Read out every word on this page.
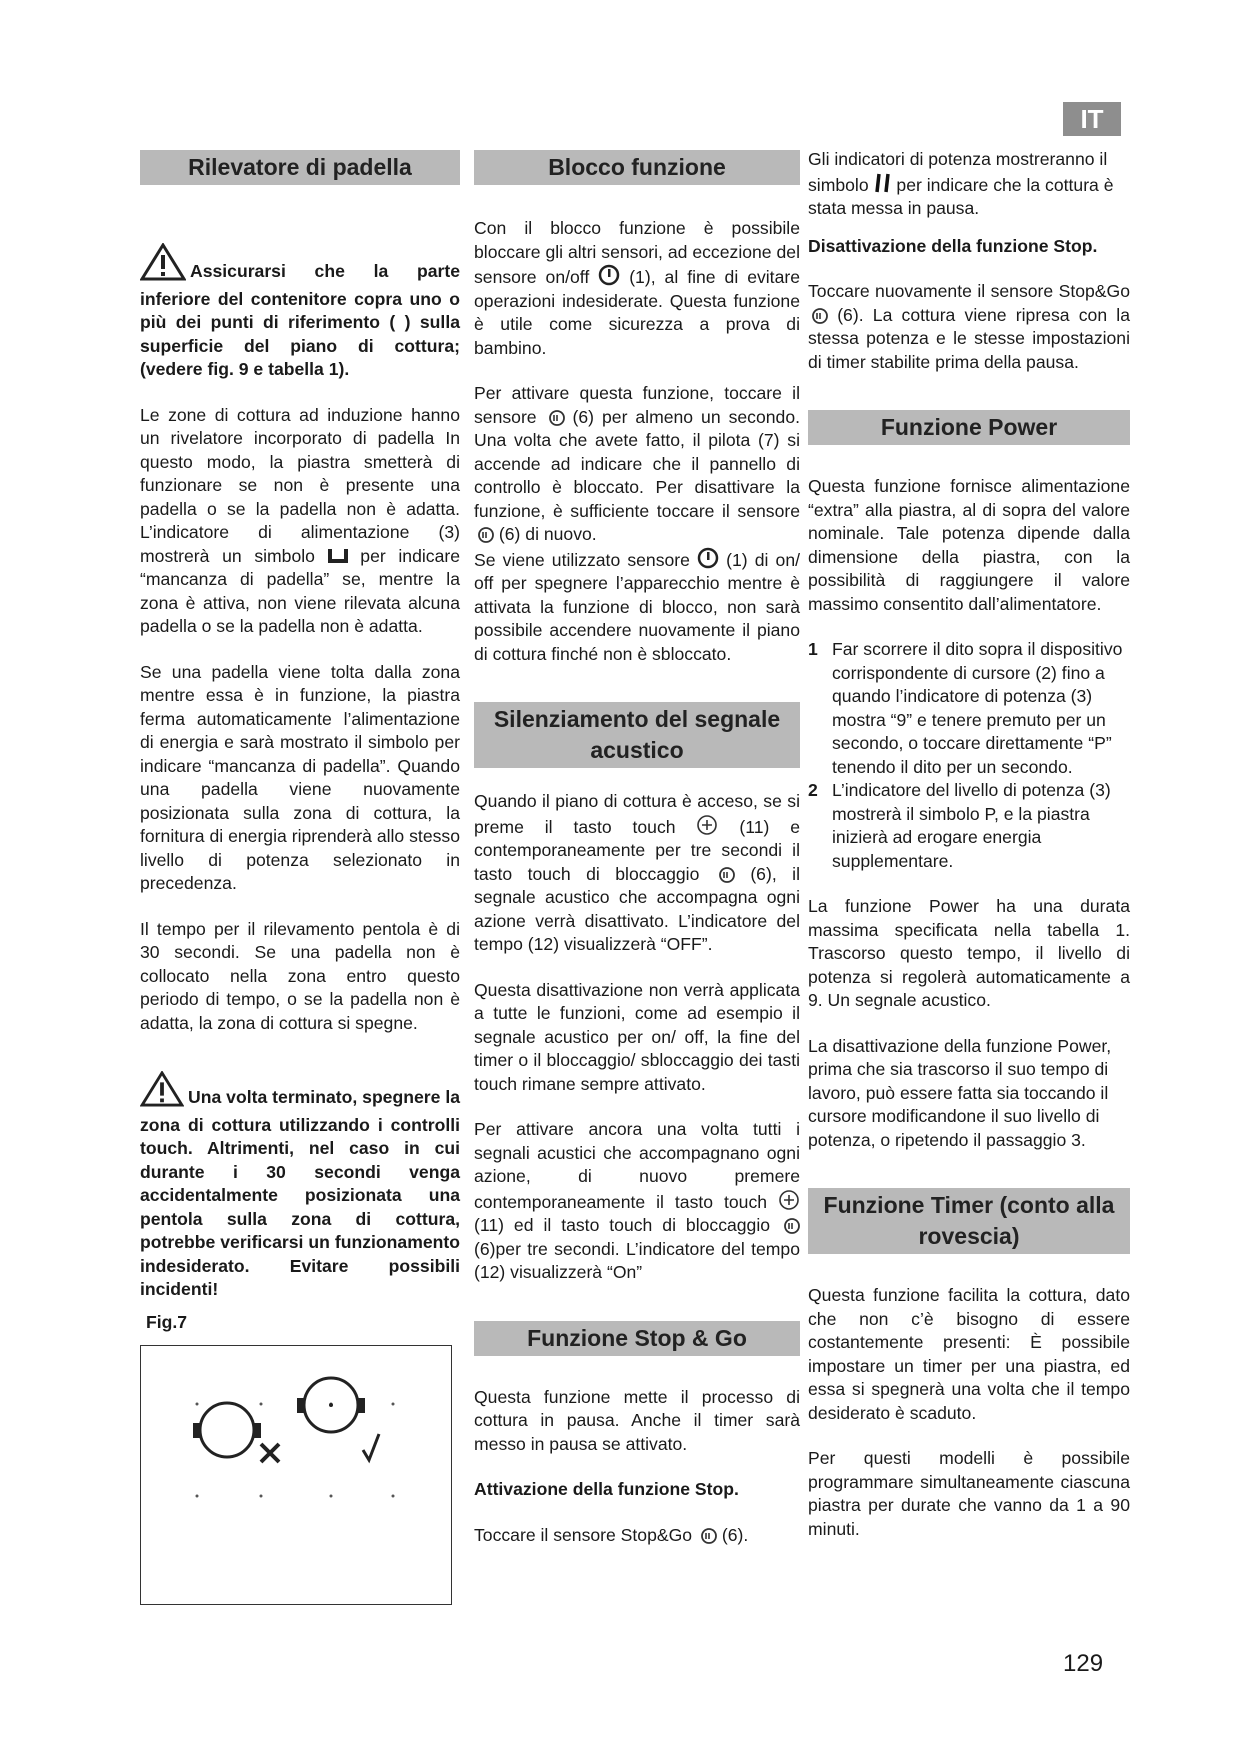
IT
Rilevatore di padella

Assicurarsi che la parte inferiore del contenitore copra uno o più dei punti di riferimento ( ) sulla superficie del piano di cottura; (vedere fig. 9 e tabella 1).

Le zone di cottura ad induzione hanno un rivelatore incorporato di padella In questo modo, la piastra smetterà di funzionare se non è presente una padella o se la padella non è adatta. L’indicatore di alimentazione (3) mostrerà un simbolo	per indicare “mancanza di padella” se, mentre la zona è attiva, non viene rilevata alcuna padella o se la padella non è adatta.

Se una padella viene tolta dalla zona mentre essa è in funzione, la piastra ferma automaticamente l’alimentazione di energia e sarà mostrato il simbolo per indicare “mancanza di padella”. Quando una padella viene nuovamente posizionata sulla zona di cottura, la fornitura di energia riprenderà allo stesso livello di potenza selezionato in precedenza.

Il tempo per il rilevamento pentola è di 30 secondi. Se una padella non è collocato nella zona entro questo periodo di tempo, o se la padella non è adatta, la zona di cottura si spegne.

Una volta terminato, spegnere la zona di cottura utilizzando i controlli touch. Altrimenti, nel caso in cui durante i 30 secondi venga accidentalmente posizionata una pentola sulla zona di cottura, potrebbe verificarsi un funzionamento indesiderato. Evitare possibili incidenti!

Fig.7
Blocco funzione

Con il blocco funzione è possibile bloccare gli altri sensori, ad eccezione del sensore on/off (1), al fine di evitare operazioni indesiderate. Questa funzione è utile come sicurezza a prova di bambino.

Per attivare questa funzione, toccare il sensore (6) per almeno un secondo. Una volta che avete fatto, il pilota (7) si accende ad indicare che il pannello di controllo è bloccato. Per disattivare la funzione, è sufficiente toccare il sensore  (6) di nuovo.

Se viene utilizzato sensore (1) di on/ off per spegnere l’apparecchio mentre è attivata la funzione di blocco, non sarà possibile accendere nuovamente il piano di cottura finché non è sbloccato.

Silenziamento del segnale acustico

Quando il piano di cottura è acceso, se si preme il tasto touch	(11) e contemporaneamente per tre secondi il tasto touch di bloccaggio	(6), il segnale acustico che accompagna ogni azione verrà disattivato. L’indicatore del tempo (12) visualizzerà “OFF”.

Questa disattivazione non verrà applicata a tutte le funzioni, come ad esempio il segnale acustico per on/ off, la fine del timer o il bloccaggio/ sbloccaggio dei tasti touch rimane sempre attivato.

Per attivare ancora una volta tutti i segnali acustici che accompagnano ogni azione, di nuovo premere contemporaneamente il tasto touch  (11) ed il tasto touch di bloccaggio  (6)per tre secondi. L’indicatore del tempo (12) visualizzerà “On”

Funzione Stop & Go

Questa funzione mette il processo di cottura in pausa. Anche il timer sarà messo in pausa se attivato.

Attivazione della funzione Stop.

Toccare il sensore Stop&Go (6).

Gli indicatori di potenza mostreranno il simbolo per indicare che la cottura è stata messa in pausa.

Disattivazione della funzione Stop.

Toccare nuovamente il sensore Stop&Go  (6). La cottura viene ripresa con la stessa potenza e le stesse impostazioni di timer stabilite prima della pausa.

Funzione Power

Questa funzione fornisce alimentazione “extra” alla piastra, al di sopra del valore nominale. Tale potenza dipende dalla dimensione della piastra, con la possibilità di raggiungere il valore massimo consentito dall’alimentatore.

1 Far scorrere il dito sopra il dispositivo corrispondente di cursore (2) fino a quando l’indicatore di potenza (3) mostra “9” e tenere premuto per un secondo, o toccare direttamente “P” tenendo il dito per un secondo.
2 L’indicatore del livello di potenza (3) mostrerà il simbolo P, e la piastra inizierà ad erogare energia supplementare.

La funzione Power ha una durata massima specificata nella tabella 1. Trascorso questo tempo, il livello di potenza si regolerà automaticamente a 9. Un segnale acustico.

La disattivazione della funzione Power, prima che sia trascorso il suo tempo di lavoro, può essere fatta sia toccando il cursore modificandone il suo livello di potenza, o ripetendo il passaggio 3.

Funzione Timer (conto alla rovescia)

Questa funzione facilita la cottura, dato che non c’è bisogno di essere costantemente presenti: È possibile impostare un timer per una piastra, ed essa si spegnerà una volta che il tempo desiderato è scaduto.

Per questi modelli è possibile programmare simultaneamente ciascuna piastra per durate che vanno da 1 a 90 minuti.

129
